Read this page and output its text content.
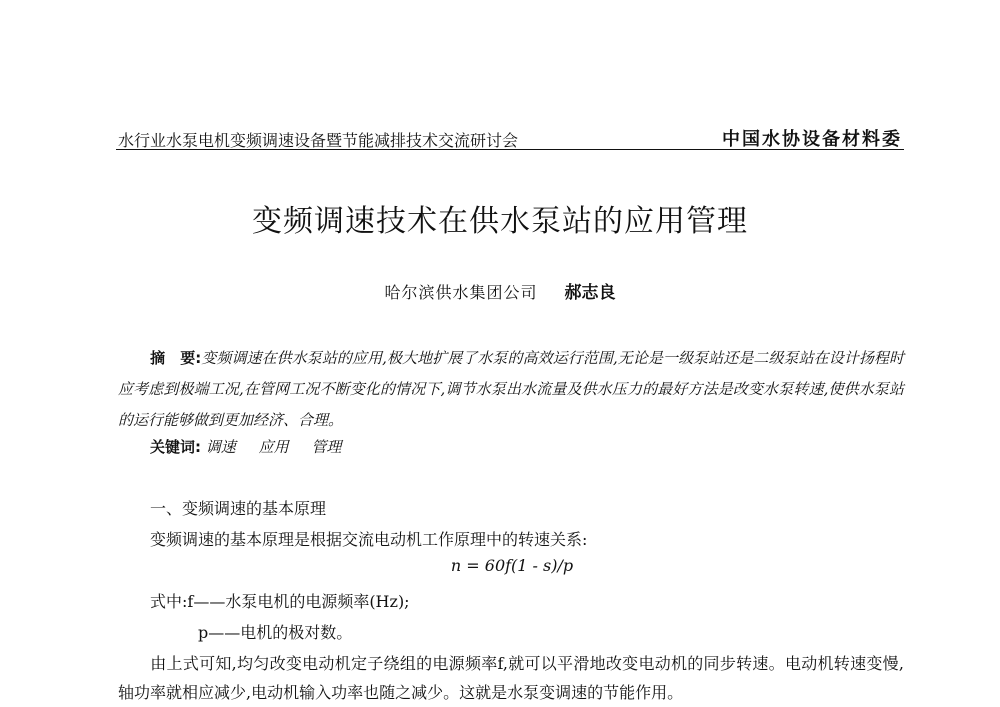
水行业水泵电机变频调速设备暨节能减排技术交流研讨会	中国水协设备材料委
变频调速技术在供水泵站的应用管理
哈尔滨供水集团公司 郝志良
摘　要:变频调速在供水泵站的应用,极大地扩展了水泵的高效运行范围,无论是一级泵站还是二级泵站在设计扬程时应考虑到极端工况,在管网工况不断变化的情况下,调节水泵出水流量及供水压力的最好方法是改变水泵转速,使供水泵站的运行能够做到更加经济、合理。
关键词: 调速 应用 管理
一、变频调速的基本原理
变频调速的基本原理是根据交流电动机工作原理中的转速关系:
n = 60f(1 - s)/p
式中:f——水泵电机的电源频率(Hz);
p——电机的极对数。
由上式可知,均匀改变电动机定子绕组的电源频率f,就可以平滑地改变电动机的同步转速。电动机转速变慢,轴功率就相应减少,电动机输入功率也随之减少。这就是水泵变调速的节能作用。
